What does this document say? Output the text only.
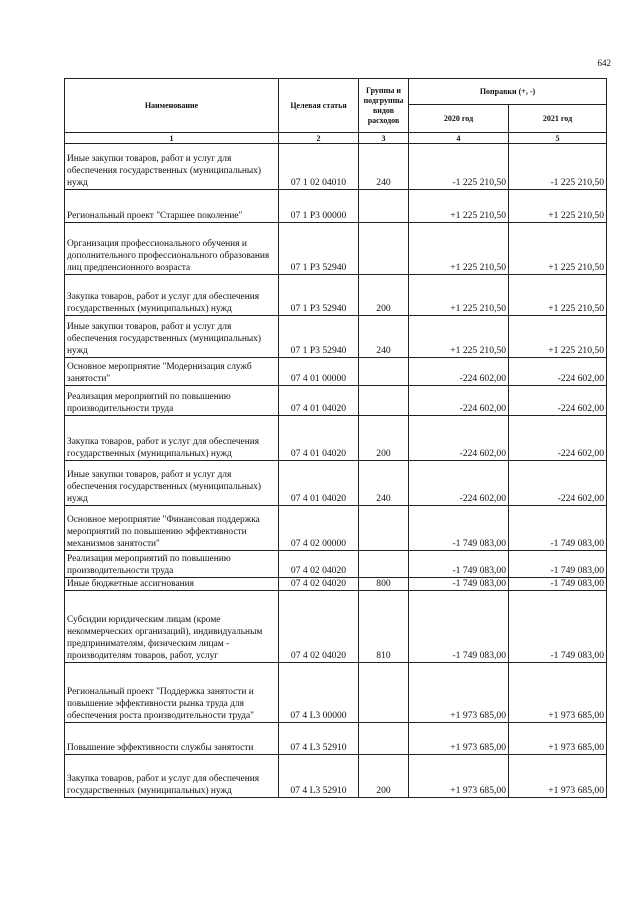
642
Наименование	Целевая статья	Группы и подгруппы видов расходов	Поправки (+, -)	
			2020 год	2021 год
1	2	3	4	5
Иные закупки товаров, работ и услуг для обеспечения государственных (муниципальных) нужд	07 1 02 04010	240	-1 225 210,50	-1 225 210,50
Региональный проект "Старшее поколение"	07 1 P3 00000		+1 225 210,50	+1 225 210,50
Организация профессионального обучения и дополнительного профессионального образования лиц предпенсионного возраста	07 1 P3 52940		+1 225 210,50	+1 225 210,50
Закупка товаров, работ и услуг для обеспечения государственных (муниципальных) нужд	07 1 P3 52940	200	+1 225 210,50	+1 225 210,50
Иные закупки товаров, работ и услуг для обеспечения государственных (муниципальных) нужд	07 1 P3 52940	240	+1 225 210,50	+1 225 210,50
Основное мероприятие "Модернизация служб занятости"	07 4 01 00000		-224 602,00	-224 602,00
Реализация мероприятий по повышению производительности труда	07 4 01 04020		-224 602,00	-224 602,00
Закупка товаров, работ и услуг для обеспечения государственных (муниципальных) нужд	07 4 01 04020	200	-224 602,00	-224 602,00
Иные закупки товаров, работ и услуг для обеспечения государственных (муниципальных) нужд	07 4 01 04020	240	-224 602,00	-224 602,00
Основное мероприятие "Финансовая поддержка мероприятий по повышению эффективности механизмов занятости"	07 4 02 00000		-1 749 083,00	-1 749 083,00
Реализация мероприятий по повышению производительности труда	07 4 02 04020		-1 749 083,00	-1 749 083,00
Иные бюджетные ассигнования	07 4 02 04020	800	-1 749 083,00	-1 749 083,00
Субсидии юридическим лицам (кроме некоммерческих организаций), индивидуальным предпринимателям, физическим лицам - производителям товаров, работ, услуг	07 4 02 04020	810	-1 749 083,00	-1 749 083,00
Региональный проект "Поддержка занятости и повышение эффективности рынка труда для обеспечения роста производительности труда"	07 4 L3 00000		+1 973 685,00	+1 973 685,00
Повышение эффективности службы занятости	07 4 L3 52910		+1 973 685,00	+1 973 685,00
Закупка товаров, работ и услуг для обеспечения государственных (муниципальных) нужд	07 4 L3 52910	200	+1 973 685,00	+1 973 685,00
